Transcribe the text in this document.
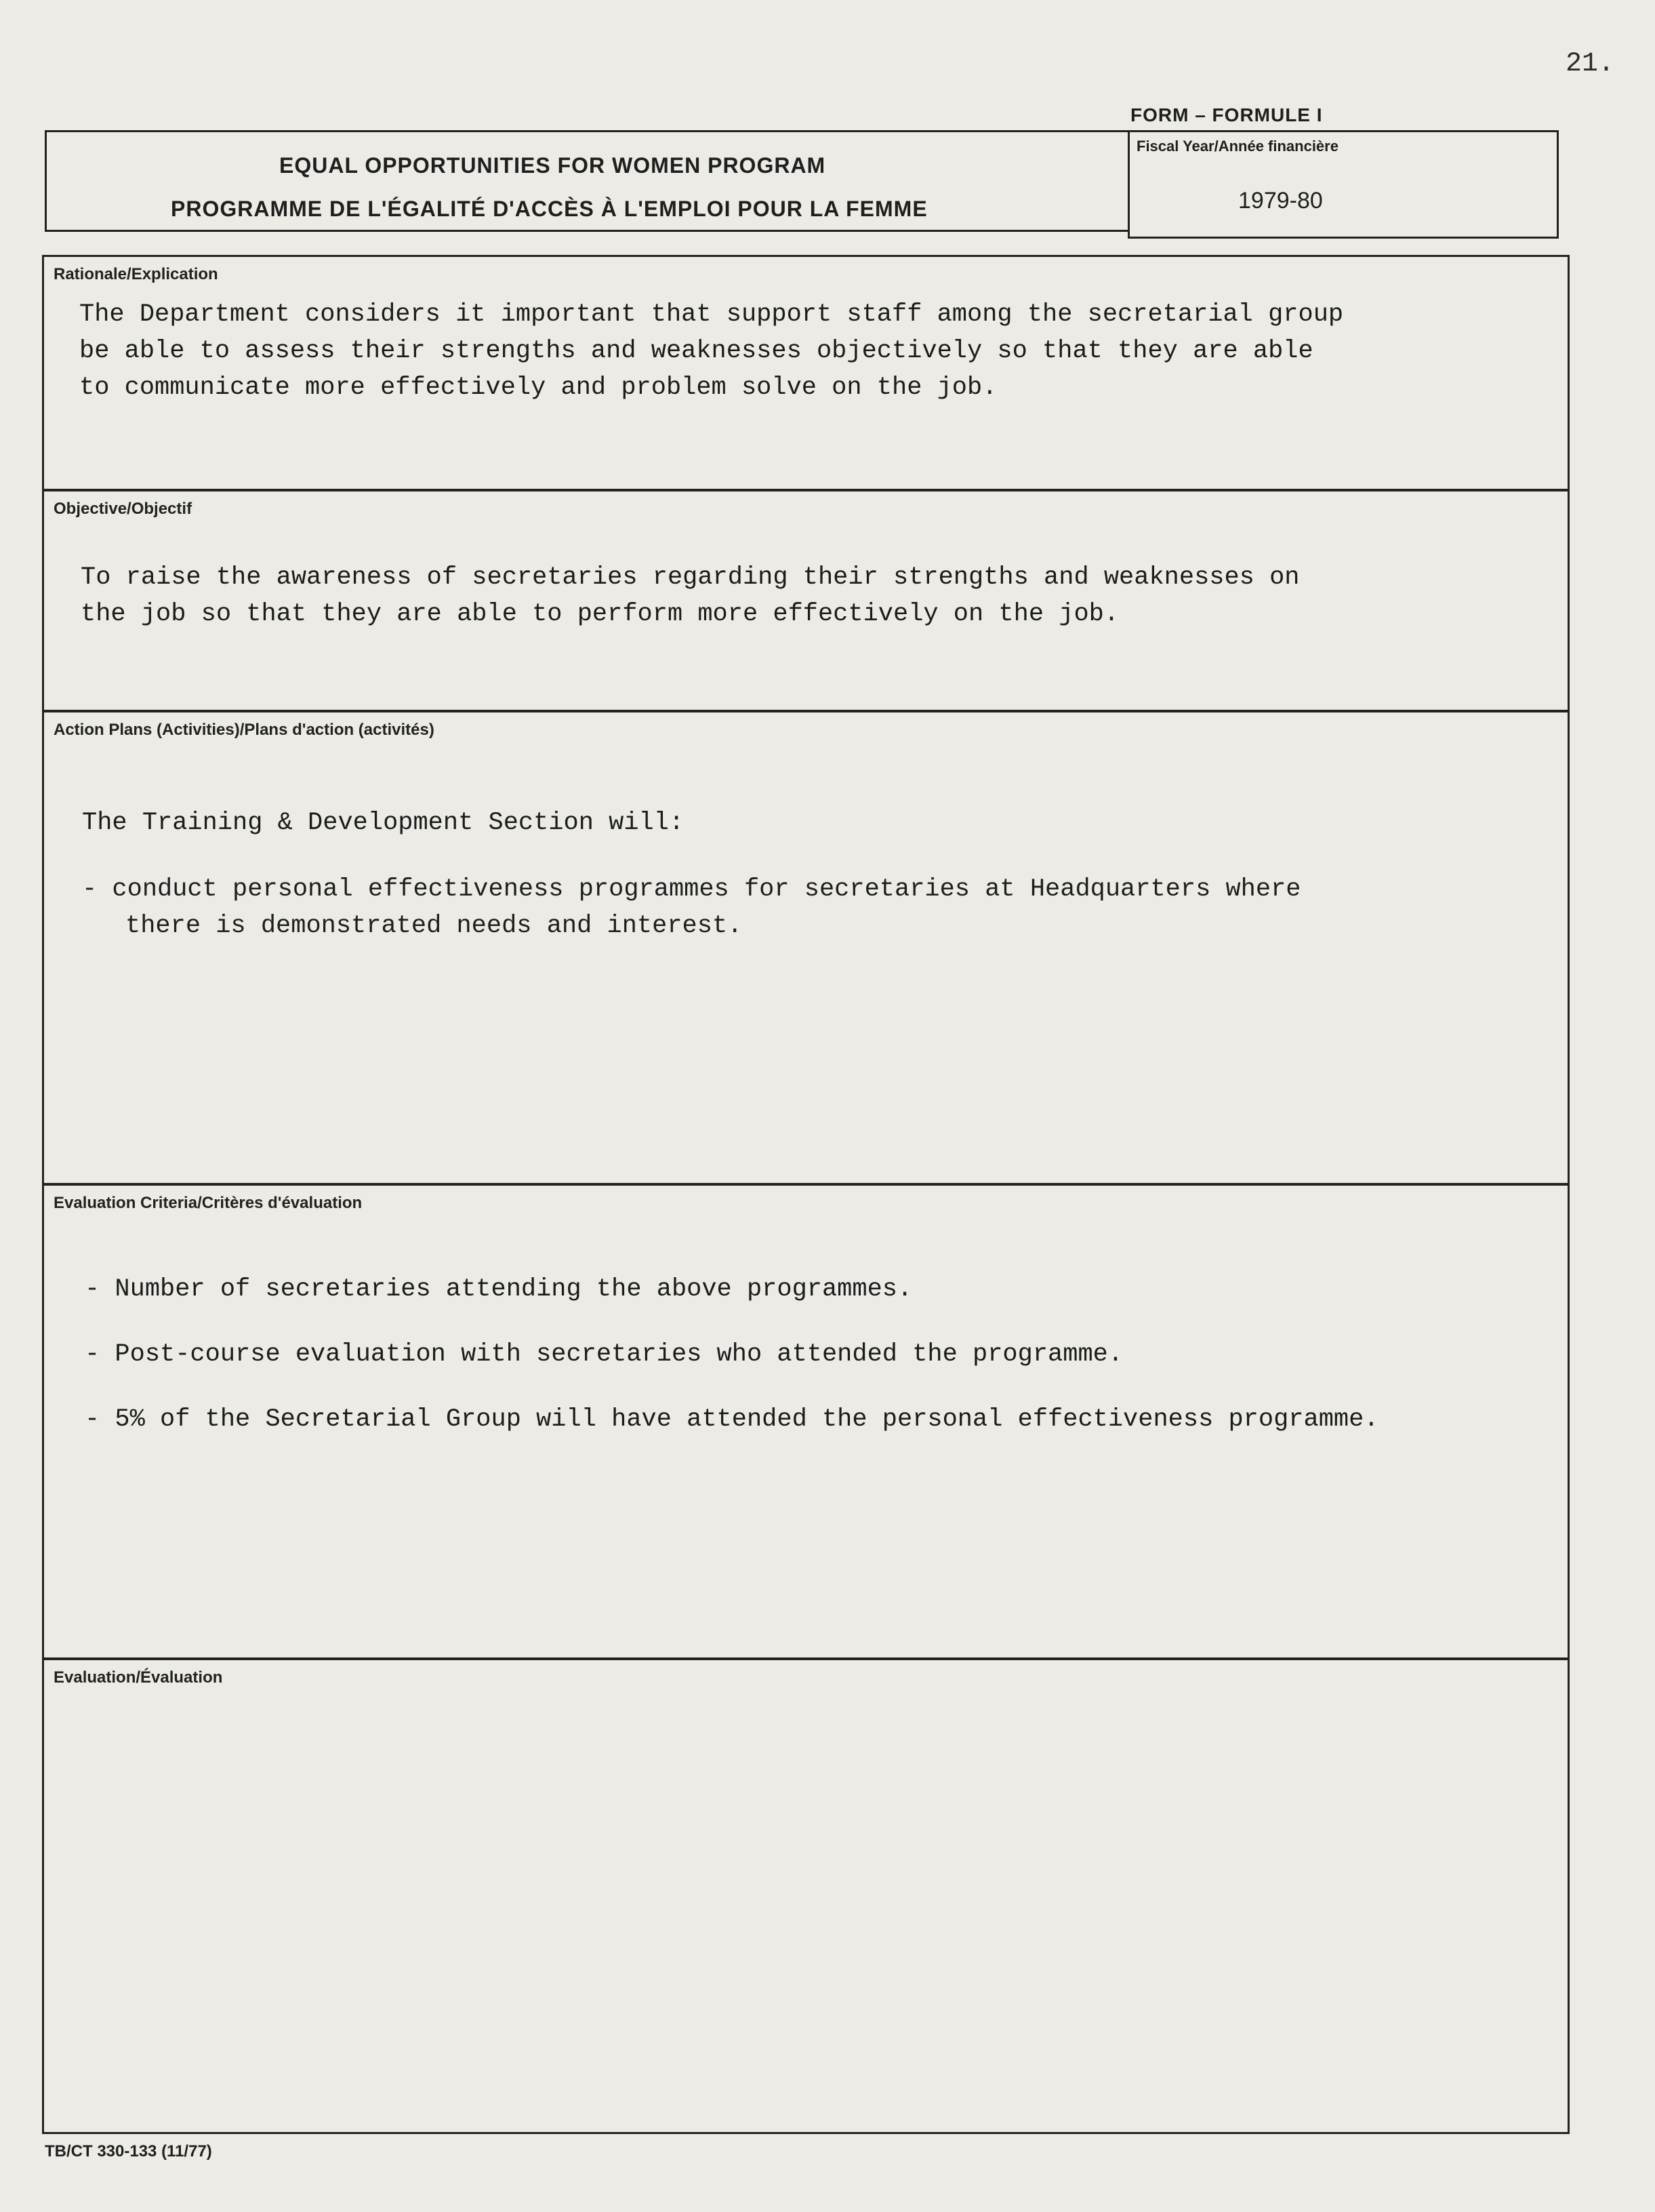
21.
EQUAL OPPORTUNITIES FOR WOMEN PROGRAM
PROGRAMME DE L'ÉGALITÉ D'ACCÈS À L'EMPLOI POUR LA FEMME
FORM – FORMULE I
Fiscal Year/Année financière
1979-80
Rationale/Explication
The Department considers it important that support staff among the secretarial group
be able to assess their strengths and weaknesses objectively so that they are able
to communicate more effectively and problem solve on the job.
Objective/Objectif
To raise the awareness of secretaries regarding their strengths and weaknesses on
the job so that they are able to perform more effectively on the job.
Action Plans (Activities)/Plans d'action (activités)
The Training & Development Section will:
- conduct personal effectiveness programmes for secretaries at Headquarters where
there is demonstrated needs and interest.
Evaluation Criteria/Critères d'évaluation
- Number of secretaries attending the above programmes.
- Post-course evaluation with secretaries who attended the programme.
- 5% of the Secretarial Group will have attended the personal effectiveness programme.
Evaluation/Évaluation
TB/CT 330-133 (11/77)
